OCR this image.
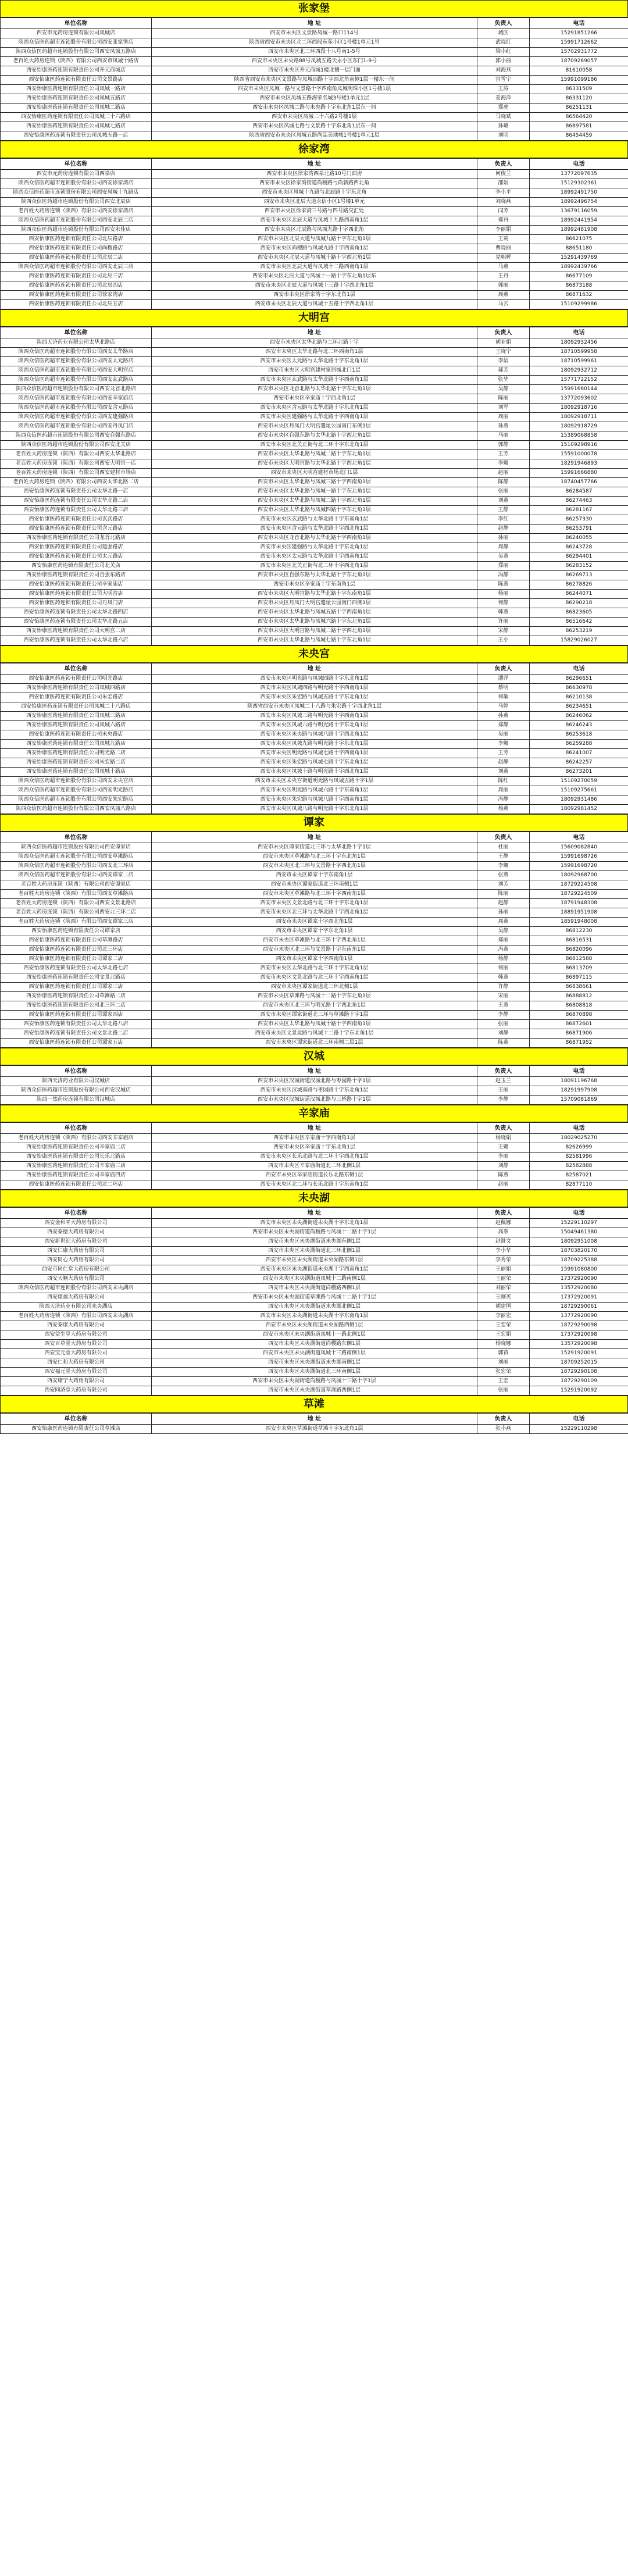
张家堡
单位名称	地 址	负责人	电话
西安市元药房连锁有限公司凤城店	西安市未央区文景路凤城一路口114号	城区	15291851266
陕西众信医药超市连锁股份有限公司西安张家堡店	陕西省西安市未央区北二环西段东苑小区1号楼1单元1号	武晓红	15991712662
陕西众信医药超市连锁股份有限公司西安凤城五路店	西安市未央区北二环西段十八号南1-5号	梁小红	15702931772
老百姓大药房连锁（陕西）有限公司西安市凤城十路店	西安市未央区未央路88号凤城五路天永小区东门1-9号	郭小丽	18709269057
西安怡康医药连锁有限责任公司开元商城店	西安市未央区开元商城1楼北侧一层门面	刘海燕	81610058
西安怡康医药连锁有限责任公司文景路店	陕西省西安市未央区文景路与凤城四路十字西北角南侧1层一楼东一间	宫雪宁	15991099186
西安怡康医药连锁有限责任公司凤城一路店	西安市未央区凤城一路与文景路十字西南角凤城明珠小区1号楼1层	王涛	86331509
西安怡康医药连锁有限责任公司凤城五路店	西安市未央区凤城五路海荣名城3号楼1单元1层	姜海洋	86331120
西安怡康医药连锁有限责任公司凤城二路店	西安市未央区凤城二路与未央路十字东北角1层东一间	郑虎	86251131
西安怡康医药连锁有限责任公司凤城二十六路店	西安市未央区凤城二十六路2号楼1层	马晓斌	86564420
西安怡康医药连锁有限责任公司凤城七路店	西安市未央区凤城七路与文景路十字东北角1层东一间	孙璐	86897581
西安怡康医药连锁有限责任公司凤城五路一店	陕西省西安市未央区凤城五路尚品美地城1号楼1单元1层	刘明	86454459
徐家湾
单位名称	地 址	负责人	电话
西安市元药房连锁有限公司西泉店	西安市未央区徐家湾西泉北路10号门面房	何俊兰	13772097635
陕西众信医药超市连锁股份有限公司西安徐家湾店	西安市未央区徐家湾街道尚稷路与尚新路西北角	邵娟	15129302361
陕西众信医药超市连锁股份有限公司西安凤城十九路店	西安市未央区凤城十九路与北辰路十字东北角	李小平	18992491750
陕西众信医药超市连锁股份有限公司西安北辰店	西安市未央区北辰大道永信小区1号楼1单元	刘晓燕	18992496754
老百姓大药房连锁（陕西）有限公司西安徐家湾店	西安市未央区徐家湾三号路与四号路交汇处	闫芳	13679116059
陕西众信医药超市连锁股份有限公司西安北辰二店	西安市未央区北辰大道与凤城十九路西南角1层	郑丹	18992441954
陕西众信医药超市连锁股份有限公司西安永佳店	西安市未央区北辰路与凤城九路十字西北角	李丽娟	18992481908
西安怡康医药连锁有限责任公司北辰路店	西安市未央区北辰大道与凤城九路十字东北角1层	王莉	86621075
西安怡康医药连锁有限责任公司尚稷路店	西安市未央区尚稷路与凤城九路十字西南角1层	曹晓丽	88651180
西安怡康医药连锁有限责任公司北辰二店	西安市未央区北辰大道与凤城十路十字西北角1层	党朝晖	15291439769
陕西众信医药超市连锁股份有限公司西安北辰三店	西安市未央区北辰大道与凤城十二路西南角1层	马燕	18992439766
西安怡康医药连锁有限责任公司北辰三店	西安市未央区北辰大道与凤城十一路十字东北角1层东	王丹	86677109
西安怡康医药连锁有限责任公司北辰四店	西安市未央区北辰大道与凤城十三路十字西北角1层	郭丽	86873188
西安怡康医药连锁有限责任公司徐家湾店	西安市未央区徐家湾十字东北角1层	周燕	86871632
西安怡康医药连锁有限责任公司北辰五店	西安市未央区北辰大道与凤城十五路十字西北角1层	马云	15109299986
大明宫
单位名称	地 址	负责人	电话
陕西天济药业有限公司太华北路店	西安市未央区太华北路与二环北路十字	胡亚娟	18092932456
陕西众信医药超市连锁股份有限公司西安太华路店	西安市未央区太华北路与北二环西南角1层	王晓宁	18710599958
陕西众信医药超市连锁股份有限公司西安太元路店	西安市未央区太元路与太华北路十字东北角1层	李娟	18710599961
陕西众信医药超市连锁股份有限公司西安大明宫店	西安市未央区大明宫建材家居城北门1层	郝芳	18092932712
陕西众信医药超市连锁股份有限公司西安玄武路店	西安市未央区玄武路与太华北路十字西南角1层	张华	15771722152
陕西众信医药超市连锁股份有限公司西安龙首北路店	西安市未央区龙首北路与太华北路十字东北角1层	吴静	15991660144
陕西众信医药超市连锁股份有限公司西安辛家庙店	西安市未央区辛家庙十字西北角1层	陈丽	13772093602
陕西众信医药超市连锁股份有限公司西安含元路店	西安市未央区含元路与太华北路十字东北角1层	刘军	18092918716
陕西众信医药超市连锁股份有限公司西安建强路店	西安市未央区建强路与太华北路十字西南角1层	周丽	18092918711
陕西众信医药超市连锁股份有限公司西安丹凤门店	西安市未央区丹凤门大明宫遗址公园南门东侧1层	孙燕	18092918729
陕西众信医药超市连锁股份有限公司西安自强东路店	西安市未央区自强东路与太华北路十字西北角1层	马丽	15389068858
陕西众信医药超市连锁股份有限公司西安北关店	西安市未央区北关正街与北二环十字东北角1层	郭静	15109298916
老百姓大药房连锁（陕西）有限公司西安太华北路店	西安市未央区太华北路与凤城二路十字东北角1层	王芳	15591000078
老百姓大药房连锁（陕西）有限公司西安大明宫一店	西安市未央区大明宫路与太华北路十字西北角1层	李娜	18291946893
老百姓大药房连锁（陕西）有限公司西安建材市场店	西安市未央区大明宫建材市场北门1层	赵丽	15991666880
老百姓大药房连锁（陕西）有限公司西安太华北路二店	西安市未央区太华北路与凤城三路十字西南角1层	陈静	18740457766
西安怡康医药连锁有限责任公司太华北路一店	西安市未央区太华北路与凤城一路十字东北角1层	张丽	86284587
西安怡康医药连锁有限责任公司太华北路二店	西安市未央区太华北路与凤城二路十字西北角1层	刘燕	86274463
西安怡康医药连锁有限责任公司太华北路三店	西安市未央区太华北路与凤城四路十字东北角1层	王静	86281167
西安怡康医药连锁有限责任公司玄武路店	西安市未央区玄武路与太华北路十字东南角1层	李红	86257330
西安怡康医药连锁有限责任公司含元路店	西安市未央区含元路与太华北路十字西北角1层	赵静	86253791
西安怡康医药连锁有限责任公司龙首北路店	西安市未央区龙首北路与太华北路十字西南角1层	孙丽	86240055
西安怡康医药连锁有限责任公司建强路店	西安市未央区建强路与太华北路十字东北角1层	周静	86243728
西安怡康医药连锁有限责任公司太元路店	西安市未央区太元路与太华北路十字西南角1层	吴燕	86294401
西安怡康医药连锁有限责任公司北关店	西安市未央区北关正街与北二环十字西北角1层	郑丽	86283152
西安怡康医药连锁有限责任公司自强东路店	西安市未央区自强东路与太华北路十字东北角1层	冯静	86269713
西安怡康医药连锁有限责任公司辛家庙店	西安市未央区辛家庙十字东南角1层	陈燕	86278826
西安怡康医药连锁有限责任公司大明宫店	西安市未央区大明宫路与太华北路十字东南角1层	杨丽	86244071
西安怡康医药连锁有限责任公司丹凤门店	西安市未央区丹凤门大明宫遗址公园南门西侧1层	何静	86290218
西安怡康医药连锁有限责任公司太华北路四店	西安市未央区太华北路与凤城五路十字西南角1层	韩燕	86823605
西安怡康医药连锁有限责任公司太华北路五店	西安市未央区太华北路与凤城六路十字东北角1层	许丽	86516642
西安怡康医药连锁有限责任公司大明宫二店	西安市未央区大明宫路与凤城二路十字西北角1层	宋静	86253219
西安怡康医药连锁有限责任公司太华北路六店	西安市未央区太华北路与凤城七路十字东北角1层	王小	15829026027
未央宫
单位名称	地 址	负责人	电话
西安怡康医药连锁有限责任公司明光路店	西安市未央区明光路与凤城四路十字东北角1层	潘洋	86296651
西安怡康医药连锁有限责任公司凤城四路店	西安市未央区凤城四路与明光路十字西南角1层	蔡明	86630978
西安怡康医药连锁有限责任公司朱宏路店	西安市未央区朱宏路与凤城五路十字东北角1层	何敏	86210138
西安怡康医药连锁有限责任公司凤城二十八路店	陕西省西安市未央区凤城二十八路与朱宏路十字西北角1层	马婷	86234651
西安怡康医药连锁有限责任公司凤城三路店	西安市未央区凤城三路与明光路十字西南角1层	孙燕	86246062
西安怡康医药连锁有限责任公司凤城六路店	西安市未央区凤城六路与明光路十字东北角1层	郑静	86246243
西安怡康医药连锁有限责任公司未央路店	西安市未央区未央路与凤城八路十字西北角1层	吴丽	86253618
西安怡康医药连锁有限责任公司凤城九路店	西安市未央区凤城九路与明光路十字东北角1层	李娜	86259288
西安怡康医药连锁有限责任公司明光路二店	西安市未央区明光路与凤城七路十字西南角1层	王芳	86241007
西安怡康医药连锁有限责任公司朱宏路二店	西安市未央区朱宏路与凤城七路十字东北角1层	赵静	86242257
西安怡康医药连锁有限责任公司凤城十路店	西安市未央区凤城十路与明光路十字西北角1层	刘燕	86273201
陕西众信医药超市连锁股份有限公司西安未央宫店	西安市未央区未央宫街道明光路与凤城五路十字1层	陈红	15109270059
陕西众信医药超市连锁股份有限公司西安明光路店	西安市未央区明光路与凤城六路十字东南角1层	周丽	15109275661
陕西众信医药超市连锁股份有限公司西安朱宏路店	西安市未央区朱宏路与凤城八路十字西南角1层	冯静	18092931486
陕西众信医药超市连锁股份有限公司西安凤城八路店	西安市未央区凤城八路与明光路十字东北角1层	杨燕	18092981452
谭家
单位名称	地 址	负责人	电话
陕西众信医药超市连锁股份有限公司西安谭家店	西安市未央区谭家街道北三环与太华北路十字1层	杜丽	15609082840
陕西众信医药超市连锁股份有限公司西安草滩路店	西安市未央区草滩路与北三环十字东北角1层	王静	15991698726
陕西众信医药超市连锁股份有限公司西安北三环店	西安市未央区北三环与文景路十字西北角1层	李娜	15991698720
陕西众信医药超市连锁股份有限公司西安谭家二店	西安市未央区谭家十字东南角1层	张燕	18092968700
老百姓大药房连锁（陕西）有限公司西安谭家店	西安市未央区谭家街道北三环南侧1层	刘芳	18729224508
老百姓大药房连锁（陕西）有限公司西安草滩路店	西安市未央区草滩路与北三环十字西南角1层	陈丽	18729224509
老百姓大药房连锁（陕西）有限公司西安文景北路店	西安市未央区文景北路与北三环十字东北角1层	赵静	18791948308
老百姓大药房连锁（陕西）有限公司西安北三环二店	西安市未央区北三环与太华北路十字西北角1层	孙丽	18891951908
老百姓大药房连锁（陕西）有限公司西安谭家三店	西安市未央区谭家十字西北角1层	周燕	18591948008
西安怡康医药连锁有限责任公司谭家店	西安市未央区谭家十字东北角1层	吴静	86812230
西安怡康医药连锁有限责任公司草滩路店	西安市未央区草滩路与北三环十字西北角1层	郑丽	86816531
西安怡康医药连锁有限责任公司北三环店	西安市未央区北三环与文景路十字东南角1层	冯燕	86820096
西安怡康医药连锁有限责任公司谭家二店	西安市未央区谭家十字西南角1层	杨静	86812588
西安怡康医药连锁有限责任公司太华北路七店	西安市未央区太华北路与北三环十字东北角1层	何丽	86813709
西安怡康医药连锁有限责任公司文景北路店	西安市未央区文景北路与北三环十字西南角1层	韩燕	86897115
西安怡康医药连锁有限责任公司谭家三店	西安市未央区谭家街道北三环北侧1层	许静	86838661
西安怡康医药连锁有限责任公司草滩路二店	西安市未央区草滩路与凤城十二路十字东北角1层	宋丽	86888812
西安怡康医药连锁有限责任公司北三环二店	西安市未央区北三环与明光路十字西北角1层	王燕	86808818
西安怡康医药连锁有限责任公司谭家四店	西安市未央区谭家街道北三环与草滩路十字1层	李静	86870898
西安怡康医药连锁有限责任公司太华北路八店	西安市未央区太华北路与凤城十路十字西南角1层	张丽	86872601
西安怡康医药连锁有限责任公司文景北路二店	西安市未央区文景北路与凤城十二路十字东北角1层	刘静	86871906
西安怡康医药连锁有限责任公司谭家五店	西安市未央区谭家街道北三环南侧二层1层	陈燕	86871952
汉城
单位名称	地 址	负责人	电话
陕西天济药业有限公司汉城店	西安市未央区汉城街道汉城北路与枣园路十字1层	赵玉兰	18091196768
陕西众信医药超市连锁股份有限公司西安汉城店	西安市未央区汉城南路与枣园路十字东北角1层	王丽	18291997908
陕西一然药房连锁有限公司汉城店	西安市未央区汉城街道汉城北路与三桥路十字1层	李静	15709081869
辛家庙
单位名称	地 址	负责人	电话
老百姓大药房连锁（陕西）有限公司西安辛家庙店	西安市未央区辛家庙十字西南角1层	杨晓娟	18029025270
西安怡康医药连锁有限责任公司辛家庙二店	西安市未央区辛家庙十字东北角1层	王娜	82626999
西安怡康医药连锁有限责任公司长乐北路店	西安市未央区长乐北路与北二环十字西北角1层	李丽	82581996
西安怡康医药连锁有限责任公司辛家庙三店	西安市未央区辛家庙街道北二环北侧1层	刘静	82582888
西安怡康医药连锁有限责任公司辛家庙四店	西安市未央区辛家庙街道长乐北路东侧1层	陈燕	82587021
西安怡康医药连锁有限责任公司北二环店	西安市未央区北二环与长乐北路十字东南角1层	赵丽	82877110
未央湖
单位名称	地 址	负责人	电话
西安金和平大药房有限公司	西安市未央区未央湖街道未央湖十字东北角1层	赵佩娜	15229110297
西安泰德大药房有限公司	西安市未央区未央湖街道尚稷路与凤城十二路十字1层	高翠	15049461380
西安新世纪大药房有限公司	西安市未央区未央湖街道未央湖东侧1层	赵继文	18092951008
西安仁康大药房有限公司	西安市未央区未央湖街道北三环北侧1层	李小华	18703820170
西安同心大药房有限公司	西安市未央区未央湖街道未央湖路东侧1层	李秀荣	18709225388
西安市同仁堂大药房有限公司	西安市未央区未央湖街道未央湖十字西南角1层	王丽娟	15991080800
西安天顺大药房有限公司	西安市未央区未央湖街道凤城十二路南侧1层	王丽荣	17372920090
陕西众信医药超市连锁股份有限公司西安未央湖店	西安市未央区未央湖街道尚稷路西侧1层	刘丽荣	13572920080
西安康福大药房有限公司	西安市未央区未央湖街道草滩路与凤城十二路十字1层	王刚英	17372920091
陕西天济药业有限公司未央湖店	西安市未央区未央湖街道未央湖北侧1层	胡建国	18729290061
老百姓大药房连锁（陕西）有限公司西安未央湖店	西安市未央区未央湖街道未央湖十字东南角1层	李丽宏	13772920090
西安泰康大药房有限公司	西安市未央区未央湖街道未央湖路西侧1层	王宏荣	18729290098
西安益生堂大药房有限公司	西安市未央区未央湖街道凤城十一路北侧1层	王宏娟	17372920098
西安百草堂大药房有限公司	西安市未央区未央湖街道尚稷路东侧1层	杨晓娜	13572920098
西安宝元堂大药房有限公司	西安市未央区未央湖街道凤城十三路南侧1层	郭苗	15291920091
西安仁和大药房有限公司	西安市未央区未央湖街道未央湖南侧1层	刘丽	18709252015
西安福元堂大药房有限公司	西安市未央区未央湖街道北三环南侧1层	张宏荣	18729290108
西安康宁大药房有限公司	西安市未央区未央湖街道尚稷路与凤城十三路十字1层	王宏	18729290109
西安同济堂大药房有限公司	西安市未央区未央湖街道草滩路西侧1层	张丽	15291920092
草滩
单位名称	地 址	负责人	电话
西安怡康医药连锁有限责任公司草滩店	西安市未央区草滩街道草滩十字东北角1层	张小燕	15229110298
